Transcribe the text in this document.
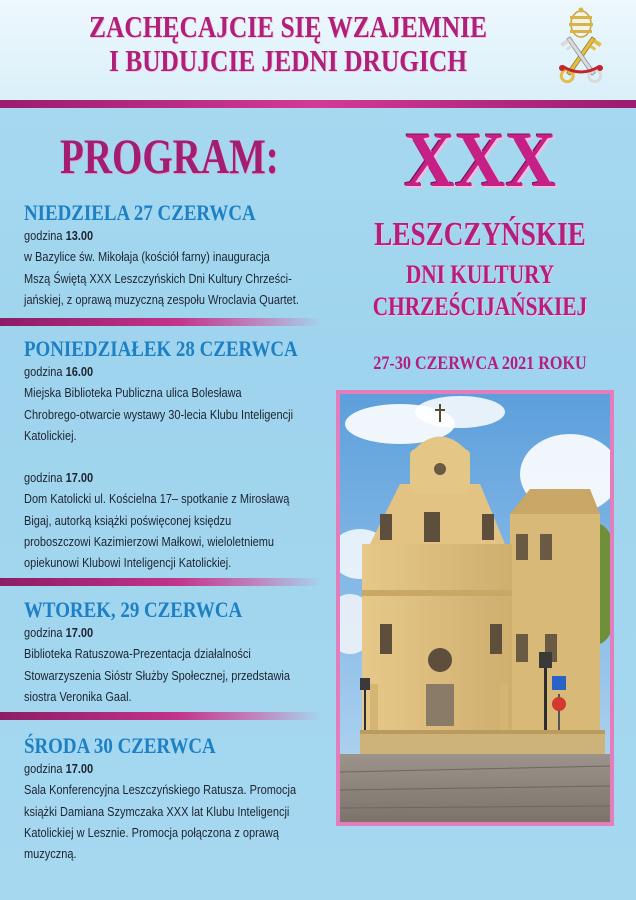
ZACHĘCAJCIE SIĘ WZAJEMNIE
I BUDUJCIE JEDNI DRUGICH
PROGRAM:
NIEDZIELA 27 CZERWCA
godzina 13.00
w Bazylice św. Mikołaja (kościół farny) inauguracja
Mszą Świętą XXX Leszczyńskich Dni Kultury Chrześci-
jańskiej, z oprawą muzyczną zespołu Wroclavia Quartet.
PONIEDZIAŁEK 28 CZERWCA
godzina 16.00
Miejska Biblioteka Publiczna ulica Bolesława
Chrobrego-otwarcie wystawy 30-lecia Klubu Inteligencji
Katolickiej.
godzina 17.00
Dom Katolicki ul. Kościelna 17– spotkanie z Mirosławą
Bigaj, autorką książki poświęconej księdzu
proboszczowi Kazimierzowi Małkowi, wieloletniemu
opiekunowi Klubowi Inteligencji Katolickiej.
WTOREK, 29 CZERWCA
godzina 17.00
Biblioteka Ratuszowa-Prezentacja działalności
Stowarzyszenia Sióstr Służby Społecznej, przedstawia
siostra Veronika Gaal.
ŚRODA 30 CZERWCA
godzina 17.00
Sala Konferencyjna Leszczyńskiego Ratusza. Promocja
książki Damiana Szymczaka XXX lat Klubu Inteligencji
Katolickiej w Lesznie. Promocja połączona z oprawą
muzyczną.
XXX
LESZCZYŃSKIE
DNI KULTURY
CHRZEŚCIJAŃSKIEJ
27-30 CZERWCA 2021 ROKU
